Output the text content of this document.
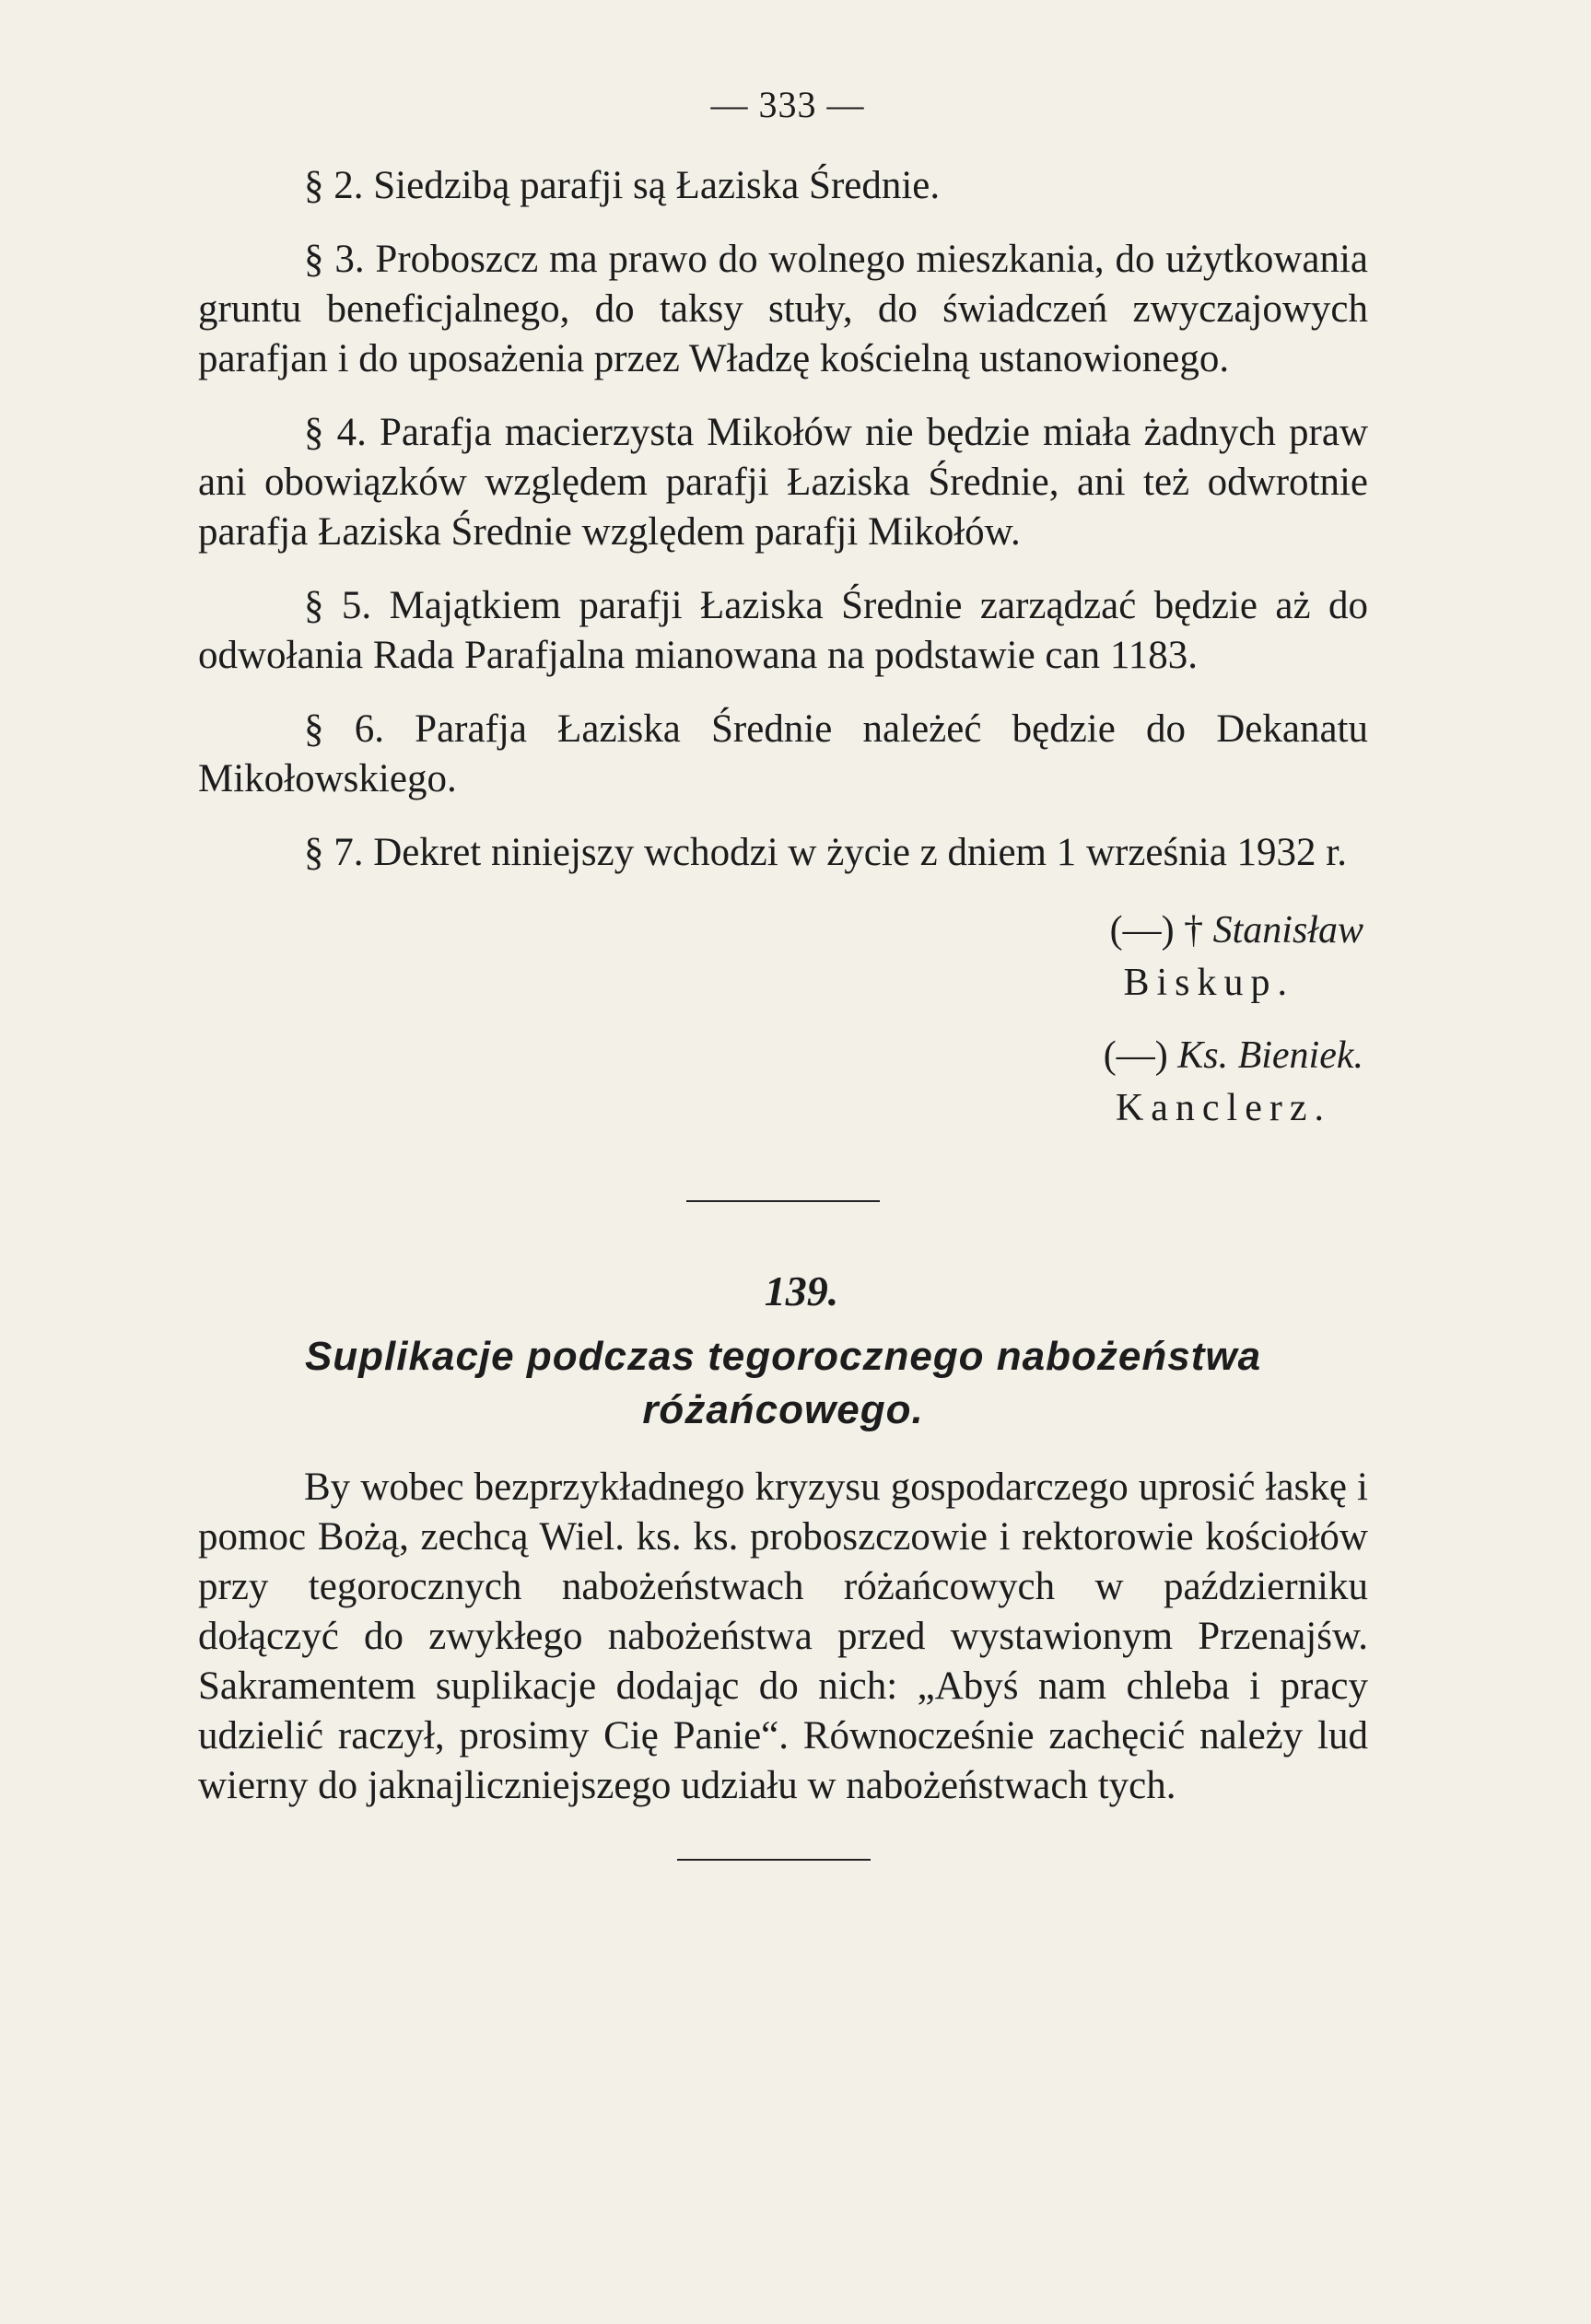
— 333 —

§ 2. Siedzibą parafji są Łaziska Średnie.

§ 3. Proboszcz ma prawo do wolnego mieszkania, do użytkowania gruntu beneficjalnego, do taksy stuły, do świadczeń zwyczajowych parafjan i do uposażenia przez Władzę kościelną ustanowionego.

§ 4. Parafja macierzysta Mikołów nie będzie miała żadnych praw ani obowiązków względem parafji Łaziska Średnie, ani też odwrotnie parafja Łaziska Średnie względem parafji Mikołów.

§ 5. Majątkiem parafji Łaziska Średnie zarządzać będzie aż do odwołania Rada Parafjalna mianowana na podstawie can 1183.

§ 6. Parafja Łaziska Średnie należeć będzie do Dekanatu Mikołowskiego.

§ 7. Dekret niniejszy wchodzi w życie z dniem 1 września 1932 r.

(—) † Stanisław
Biskup.
(—) Ks. Bieniek.
Kanclerz.
139.
Suplikacje podczas tegorocznego nabożeństwa różańcowego.

By wobec bezprzykładnego kryzysu gospodarczego uprosić łaskę i pomoc Bożą, zechcą Wiel. ks. ks. proboszczowie i rektorowie kościołów przy tegorocznych nabożeństwach różańcowych w październiku dołączyć do zwykłego nabożeństwa przed wystawionym Przenajśw. Sakramentem suplikacje dodając do nich: „Abyś nam chleba i pracy udzielić raczył, prosimy Cię Panie“. Równocześnie zachęcić należy lud wierny do jaknajliczniejszego udziału w nabożeństwach tych.
